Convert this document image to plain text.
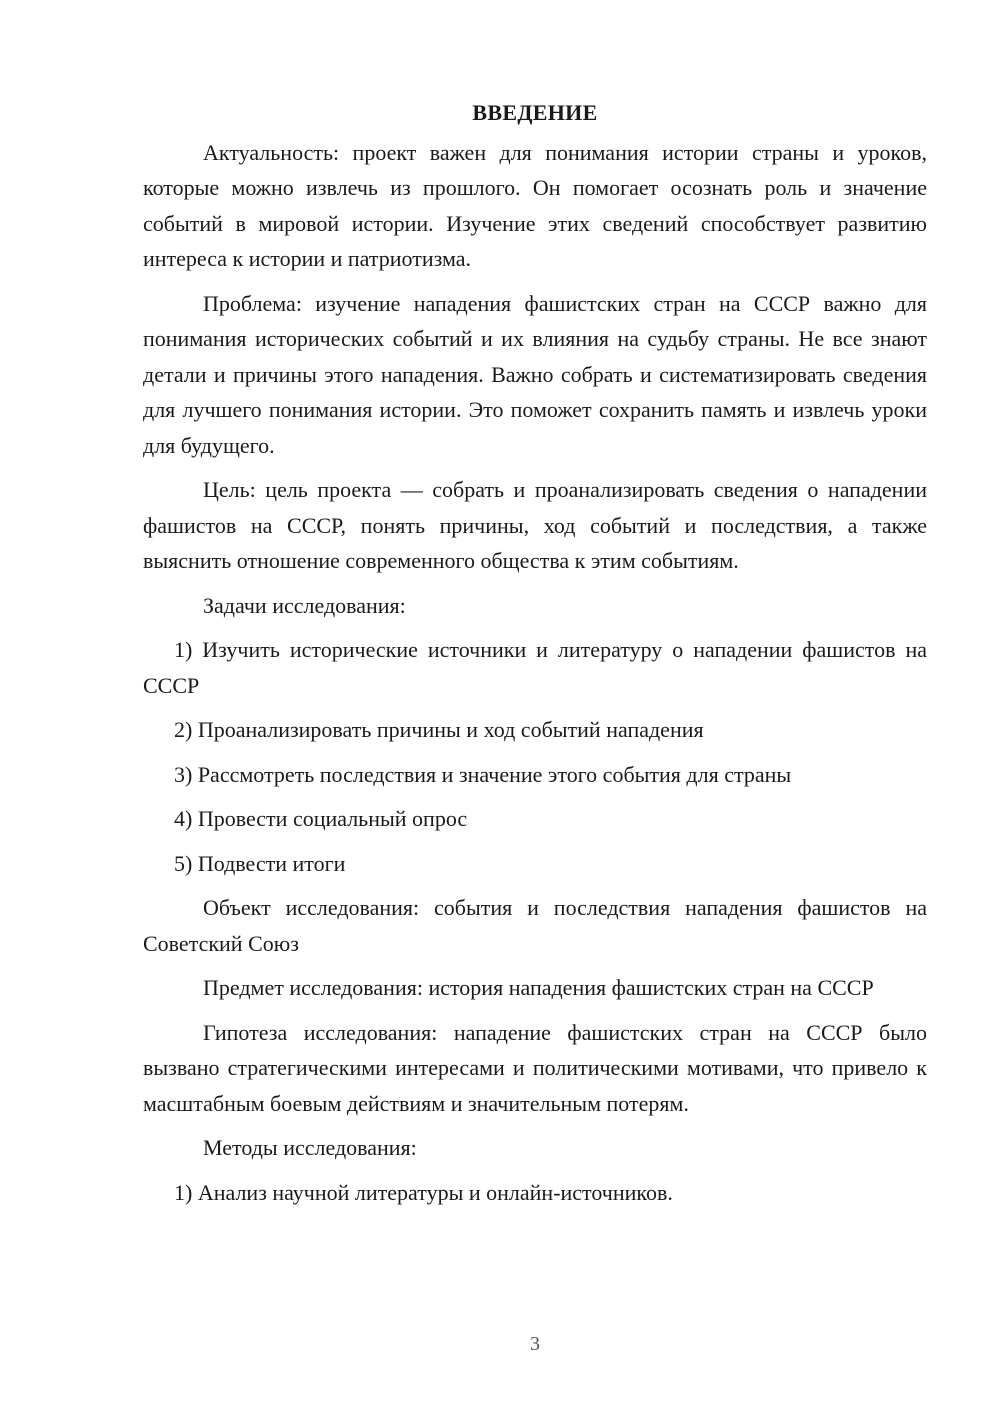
ВВЕДЕНИЕ

Актуальность: проект важен для понимания истории страны и уроков, которые можно извлечь из прошлого. Он помогает осознать роль и значение событий в мировой истории. Изучение этих сведений способствует развитию интереса к истории и патриотизма.

Проблема: изучение нападения фашистских стран на СССР важно для понимания исторических событий и их влияния на судьбу страны. Не все знают детали и причины этого нападения. Важно собрать и систематизировать сведения для лучшего понимания истории. Это поможет сохранить память и извлечь уроки для будущего.

Цель: цель проекта — собрать и проанализировать сведения о нападении фашистов на СССР, понять причины, ход событий и последствия, а также выяснить отношение современного общества к этим событиям.

Задачи исследования:

1) Изучить исторические источники и литературу о нападении фашистов на СССР

2) Проанализировать причины и ход событий нападения

3) Рассмотреть последствия и значение этого события для страны

4) Провести социальный опрос

5) Подвести итоги

Объект исследования: события и последствия нападения фашистов на Советский Союз

Предмет исследования: история нападения фашистских стран на СССР

Гипотеза исследования: нападение фашистских стран на СССР было вызвано стратегическими интересами и политическими мотивами, что привело к масштабным боевым действиям и значительным потерям.

Методы исследования:

1) Анализ научной литературы и онлайн-источников.

3
